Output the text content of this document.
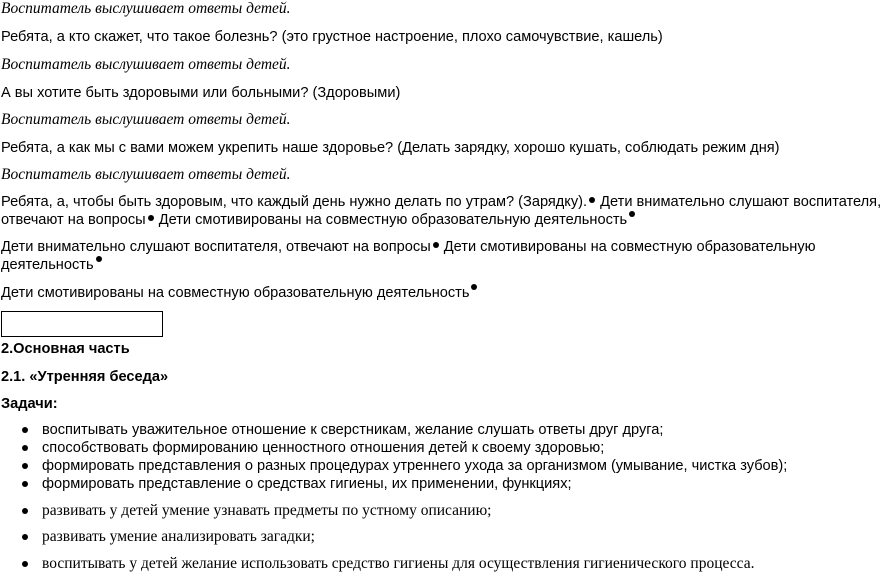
Воспитатель выслушивает ответы детей.
Ребята, а кто скажет, что такое болезнь? (это грустное настроение, плохо самочувствие, кашель)
Воспитатель выслушивает ответы детей.
А вы хотите быть здоровыми или больными? (Здоровыми)
Воспитатель выслушивает ответы детей.
Ребята, а как мы с вами можем укрепить наше здоровье? (Делать зарядку, хорошо кушать, соблюдать режим дня)
Воспитатель выслушивает ответы детей.
Ребята, а, чтобы быть здоровым, что каждый день нужно делать по утрам? (Зарядку). Дети внимательно слушают воспитателя,
отвечают на вопросы Дети смотивированы на совместную образовательную деятельность
Дети внимательно слушают воспитателя, отвечают на вопросы Дети смотивированы на совместную образовательную
деятельность
Дети смотивированы на совместную образовательную деятельность
2.Основная часть
2.1. «Утренняя беседа»
Задачи:
воспитывать уважительное отношение к сверстникам, желание слушать ответы друг друга;
способствовать формированию ценностного отношения детей к своему здоровью;
формировать представления о разных процедурах утреннего ухода за организмом (умывание, чистка зубов);
формировать представление о средствах гигиены, их применении, функциях;
развивать у детей умение узнавать предметы по устному описанию;
развивать умение анализировать загадки;
воспитывать у детей желание использовать средство гигиены для осуществления гигиенического процесса.
